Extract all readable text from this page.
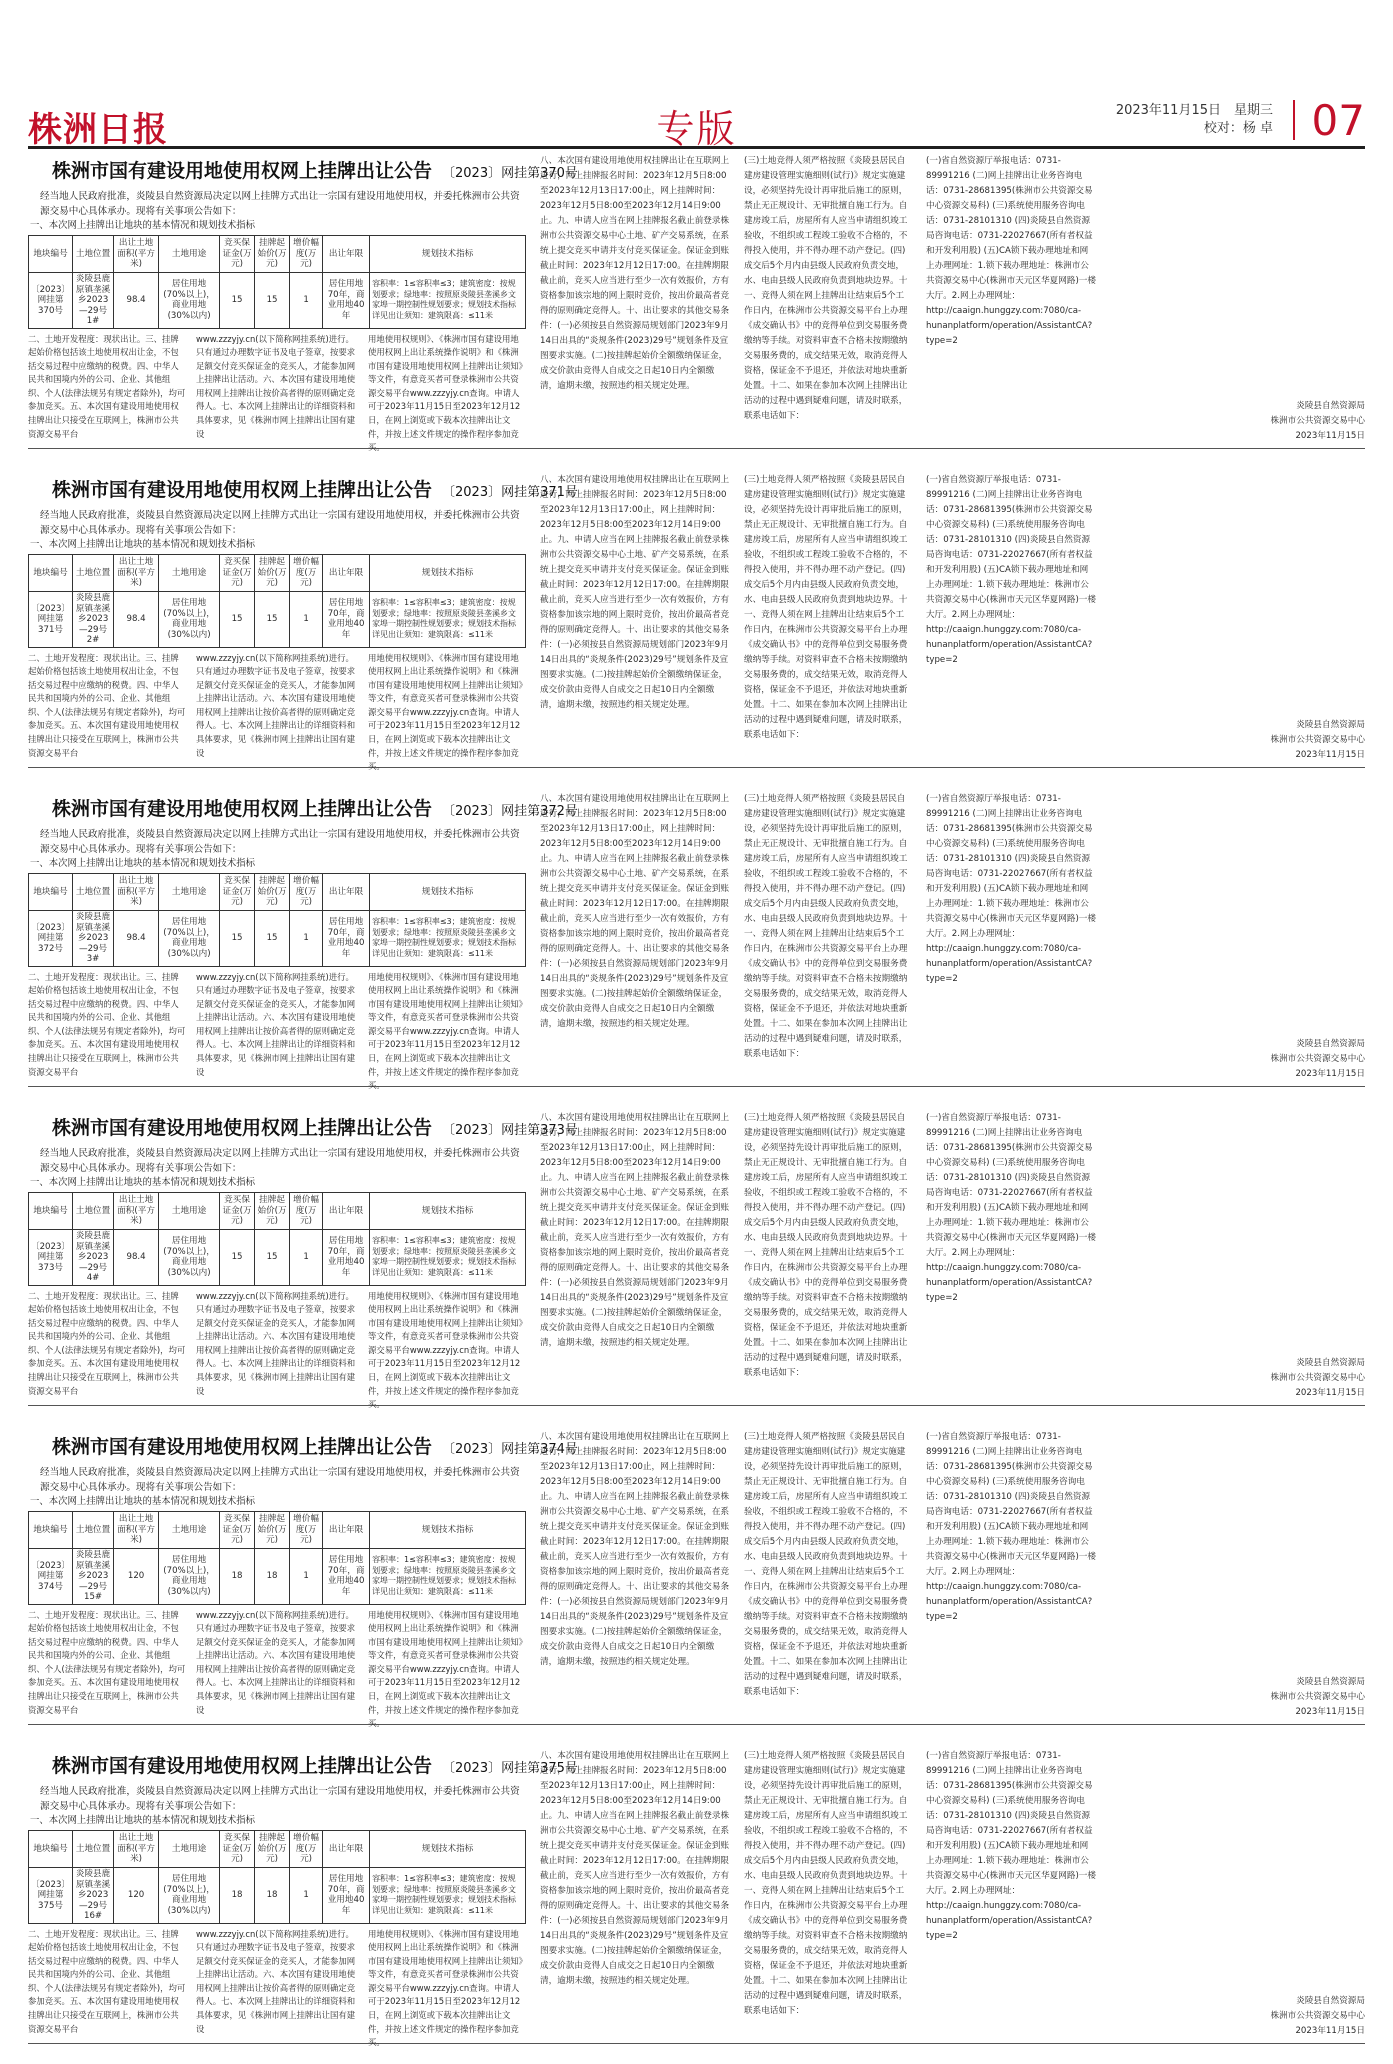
株洲日报	专版	2023年11月15日　星期三
校对：杨 卓 07
株洲市国有建设用地使用权网上挂牌出让公告 〔2023〕网挂第370号
经当地人民政府批准，炎陵县自然资源局决定以网上挂牌方式出让一宗国有建设用地使用权，并委托株洲市公共资源交易中心具体承办。现将有关事项公告如下：
一、本次网上挂牌出让地块的基本情况和规划技术指标
地块编号	土地位置	出让土地面积(平方米)	土地用途	竞买保证金(万元)	挂牌起始价(万元)	增价幅度(万元)	出让年限	规划技术指标
〔2023〕网挂第370号	炎陵县鹿原镇垄溪乡2023—29号1#	98.4	居住用地(70%以上)，商业用地(30%以内)	15	15	1	居住用地70年，商业用地40年	容积率：1≤容积率≤3；建筑密度：按规划要求；绿地率：按照原炎陵县垄溪乡文家埠一期控制性规划要求；规划技术指标详见出让须知：建筑限高：≤11米
二、土地开发程度：现状出让。三、挂牌起始价格包括该土地使用权出让金，不包括交易过程中应缴纳的税费。四、中华人民共和国境内外的公司、企业、其他组织、个人(法律法规另有规定者除外)，均可参加竞买。五、本次国有建设用地使用权挂牌出让只接受在互联网上，株洲市公共资源交易平台
www.zzzyjy.cn(以下简称网挂系统)进行。只有通过办理数字证书及电子签章，按要求足额交付竞买保证金的竞买人，才能参加网上挂牌出让活动。六、本次国有建设用地使用权网上挂牌出让按价高者得的原则确定竞得人。七、本次网上挂牌出让的详细资料和具体要求，见《株洲市网上挂牌出让国有建设
用地使用权规则》、《株洲市国有建设用地使用权网上出让系统操作说明》和《株洲市国有建设用地使用权网上挂牌出让须知》等文件，有意竞买者可登录株洲市公共资源交易平台www.zzzyjy.cn查询。申请人可于2023年11月15日至2023年12月12日，在网上浏览或下载本次挂牌出让文件，并按上述文件规定的操作程序参加竞买。
八、本次国有建设用地使用权挂牌出让在互联网上进行，网上挂牌报名时间：2023年12月5日8:00至2023年12月13日17:00止，网上挂牌时间：2023年12月5日8:00至2023年12月14日9:00止。九、申请人应当在网上挂牌报名截止前登录株洲市公共资源交易中心土地、矿产交易系统，在系统上提交竞买申请并支付竞买保证金。保证金到账截止时间：2023年12月12日17:00。在挂牌期限截止前，竞买人应当进行至少一次有效报价，方有资格参加该宗地的网上限时竞价，按出价最高者竞得的原则确定竞得人。十、出让要求的其他交易条件：(一)必须按县自然资源局规划部门2023年9月14日出具的“炎规条件(2023)29号”规划条件及宣图要求实施。(二)按挂牌起始价全额缴纳保证金，成交价款由竞得人自成交之日起10日内全额缴清，逾期未缴，按照违约相关规定处理。
(三)土地竞得人须严格按照《炎陵县居民自建房建设管理实施细则(试行)》规定实施建设，必须坚持先设计再审批后施工的原则，禁止无正规设计、无审批擅自施工行为。自建房竣工后，房屋所有人应当申请组织竣工验收，不组织或工程竣工验收不合格的，不得投入使用，并不得办理不动产登记。(四)成交后5个月内由县级人民政府负责交地，水、电由县级人民政府负责到地块边界。十一、竞得人须在网上挂牌出让结束后5个工作日内，在株洲市公共资源交易平台上办理《成交确认书》中的竞得单位到交易服务费缴纳等手续。对资料审查不合格未按期缴纳交易服务费的，成交结果无效，取消竞得人资格，保证金不予退还，并依法对地块重新处置。十二、如果在参加本次网上挂牌出让活动的过程中遇到疑难问题，请及时联系，联系电话如下：
(一)省自然资源厅举报电话：0731-89991216 (二)网上挂牌出让业务咨询电话：0731-28681395(株洲市公共资源交易中心资源交易科) (三)系统使用服务咨询电话：0731-28101310 (四)炎陵县自然资源局咨询电话：0731-22027667(所有者权益和开发利用股) (五)CA锁下载办理地址和网上办理网址：1.锁下载办理地址：株洲市公共资源交易中心(株洲市天元区华夏网路)一楼大厅。2.网上办理网址：http://caaign.hunggzy.com:7080/ca-hunanplatform/operation/AssistantCA?type=2
炎陵县自然资源局
株洲市公共资源交易中心
2023年11月15日
株洲市国有建设用地使用权网上挂牌出让公告 〔2023〕网挂第371号
经当地人民政府批准，炎陵县自然资源局决定以网上挂牌方式出让一宗国有建设用地使用权，并委托株洲市公共资源交易中心具体承办。现将有关事项公告如下：
一、本次网上挂牌出让地块的基本情况和规划技术指标
地块编号	土地位置	出让土地面积(平方米)	土地用途	竞买保证金(万元)	挂牌起始价(万元)	增价幅度(万元)	出让年限	规划技术指标
〔2023〕网挂第371号	炎陵县鹿原镇垄溪乡2023—29号2#	98.4	居住用地(70%以上)，商业用地(30%以内)	15	15	1	居住用地70年，商业用地40年	容积率：1≤容积率≤3；建筑密度：按规划要求；绿地率：按照原炎陵县垄溪乡文家埠一期控制性规划要求；规划技术指标详见出让须知：建筑限高：≤11米
二、土地开发程度：现状出让。三、挂牌起始价格包括该土地使用权出让金，不包括交易过程中应缴纳的税费。四、中华人民共和国境内外的公司、企业、其他组织、个人(法律法规另有规定者除外)，均可参加竞买。五、本次国有建设用地使用权挂牌出让只接受在互联网上，株洲市公共资源交易平台
www.zzzyjy.cn(以下简称网挂系统)进行。只有通过办理数字证书及电子签章，按要求足额交付竞买保证金的竞买人，才能参加网上挂牌出让活动。六、本次国有建设用地使用权网上挂牌出让按价高者得的原则确定竞得人。七、本次网上挂牌出让的详细资料和具体要求，见《株洲市网上挂牌出让国有建设
用地使用权规则》、《株洲市国有建设用地使用权网上出让系统操作说明》和《株洲市国有建设用地使用权网上挂牌出让须知》等文件，有意竞买者可登录株洲市公共资源交易平台www.zzzyjy.cn查询。申请人可于2023年11月15日至2023年12月12日，在网上浏览或下载本次挂牌出让文件，并按上述文件规定的操作程序参加竞买。
八、本次国有建设用地使用权挂牌出让在互联网上进行，网上挂牌报名时间：2023年12月5日8:00至2023年12月13日17:00止，网上挂牌时间：2023年12月5日8:00至2023年12月14日9:00止。九、申请人应当在网上挂牌报名截止前登录株洲市公共资源交易中心土地、矿产交易系统，在系统上提交竞买申请并支付竞买保证金。保证金到账截止时间：2023年12月12日17:00。在挂牌期限截止前，竞买人应当进行至少一次有效报价，方有资格参加该宗地的网上限时竞价，按出价最高者竞得的原则确定竞得人。十、出让要求的其他交易条件：(一)必须按县自然资源局规划部门2023年9月14日出具的“炎规条件(2023)29号”规划条件及宣图要求实施。(二)按挂牌起始价全额缴纳保证金，成交价款由竞得人自成交之日起10日内全额缴清，逾期未缴，按照违约相关规定处理。
(三)土地竞得人须严格按照《炎陵县居民自建房建设管理实施细则(试行)》规定实施建设，必须坚持先设计再审批后施工的原则，禁止无正规设计、无审批擅自施工行为。自建房竣工后，房屋所有人应当申请组织竣工验收，不组织或工程竣工验收不合格的，不得投入使用，并不得办理不动产登记。(四)成交后5个月内由县级人民政府负责交地，水、电由县级人民政府负责到地块边界。十一、竞得人须在网上挂牌出让结束后5个工作日内，在株洲市公共资源交易平台上办理《成交确认书》中的竞得单位到交易服务费缴纳等手续。对资料审查不合格未按期缴纳交易服务费的，成交结果无效，取消竞得人资格，保证金不予退还，并依法对地块重新处置。十二、如果在参加本次网上挂牌出让活动的过程中遇到疑难问题，请及时联系，联系电话如下：
(一)省自然资源厅举报电话：0731-89991216 (二)网上挂牌出让业务咨询电话：0731-28681395(株洲市公共资源交易中心资源交易科) (三)系统使用服务咨询电话：0731-28101310 (四)炎陵县自然资源局咨询电话：0731-22027667(所有者权益和开发利用股) (五)CA锁下载办理地址和网上办理网址：1.锁下载办理地址：株洲市公共资源交易中心(株洲市天元区华夏网路)一楼大厅。2.网上办理网址：http://caaign.hunggzy.com:7080/ca-hunanplatform/operation/AssistantCA?type=2
炎陵县自然资源局
株洲市公共资源交易中心
2023年11月15日
株洲市国有建设用地使用权网上挂牌出让公告 〔2023〕网挂第372号
经当地人民政府批准，炎陵县自然资源局决定以网上挂牌方式出让一宗国有建设用地使用权，并委托株洲市公共资源交易中心具体承办。现将有关事项公告如下：
一、本次网上挂牌出让地块的基本情况和规划技术指标
地块编号	土地位置	出让土地面积(平方米)	土地用途	竞买保证金(万元)	挂牌起始价(万元)	增价幅度(万元)	出让年限	规划技术指标
〔2023〕网挂第372号	炎陵县鹿原镇垄溪乡2023—29号3#	98.4	居住用地(70%以上)，商业用地(30%以内)	15	15	1	居住用地70年，商业用地40年	容积率：1≤容积率≤3；建筑密度：按规划要求；绿地率：按照原炎陵县垄溪乡文家埠一期控制性规划要求；规划技术指标详见出让须知：建筑限高：≤11米
二、土地开发程度：现状出让。三、挂牌起始价格包括该土地使用权出让金，不包括交易过程中应缴纳的税费。四、中华人民共和国境内外的公司、企业、其他组织、个人(法律法规另有规定者除外)，均可参加竞买。五、本次国有建设用地使用权挂牌出让只接受在互联网上，株洲市公共资源交易平台
www.zzzyjy.cn(以下简称网挂系统)进行。只有通过办理数字证书及电子签章，按要求足额交付竞买保证金的竞买人，才能参加网上挂牌出让活动。六、本次国有建设用地使用权网上挂牌出让按价高者得的原则确定竞得人。七、本次网上挂牌出让的详细资料和具体要求，见《株洲市网上挂牌出让国有建设
用地使用权规则》、《株洲市国有建设用地使用权网上出让系统操作说明》和《株洲市国有建设用地使用权网上挂牌出让须知》等文件，有意竞买者可登录株洲市公共资源交易平台www.zzzyjy.cn查询。申请人可于2023年11月15日至2023年12月12日，在网上浏览或下载本次挂牌出让文件，并按上述文件规定的操作程序参加竞买。
八、本次国有建设用地使用权挂牌出让在互联网上进行，网上挂牌报名时间：2023年12月5日8:00至2023年12月13日17:00止，网上挂牌时间：2023年12月5日8:00至2023年12月14日9:00止。九、申请人应当在网上挂牌报名截止前登录株洲市公共资源交易中心土地、矿产交易系统，在系统上提交竞买申请并支付竞买保证金。保证金到账截止时间：2023年12月12日17:00。在挂牌期限截止前，竞买人应当进行至少一次有效报价，方有资格参加该宗地的网上限时竞价，按出价最高者竞得的原则确定竞得人。十、出让要求的其他交易条件：(一)必须按县自然资源局规划部门2023年9月14日出具的“炎规条件(2023)29号”规划条件及宣图要求实施。(二)按挂牌起始价全额缴纳保证金，成交价款由竞得人自成交之日起10日内全额缴清，逾期未缴，按照违约相关规定处理。
(三)土地竞得人须严格按照《炎陵县居民自建房建设管理实施细则(试行)》规定实施建设，必须坚持先设计再审批后施工的原则，禁止无正规设计、无审批擅自施工行为。自建房竣工后，房屋所有人应当申请组织竣工验收，不组织或工程竣工验收不合格的，不得投入使用，并不得办理不动产登记。(四)成交后5个月内由县级人民政府负责交地，水、电由县级人民政府负责到地块边界。十一、竞得人须在网上挂牌出让结束后5个工作日内，在株洲市公共资源交易平台上办理《成交确认书》中的竞得单位到交易服务费缴纳等手续。对资料审查不合格未按期缴纳交易服务费的，成交结果无效，取消竞得人资格，保证金不予退还，并依法对地块重新处置。十二、如果在参加本次网上挂牌出让活动的过程中遇到疑难问题，请及时联系，联系电话如下：
(一)省自然资源厅举报电话：0731-89991216 (二)网上挂牌出让业务咨询电话：0731-28681395(株洲市公共资源交易中心资源交易科) (三)系统使用服务咨询电话：0731-28101310 (四)炎陵县自然资源局咨询电话：0731-22027667(所有者权益和开发利用股) (五)CA锁下载办理地址和网上办理网址：1.锁下载办理地址：株洲市公共资源交易中心(株洲市天元区华夏网路)一楼大厅。2.网上办理网址：http://caaign.hunggzy.com:7080/ca-hunanplatform/operation/AssistantCA?type=2
炎陵县自然资源局
株洲市公共资源交易中心
2023年11月15日
株洲市国有建设用地使用权网上挂牌出让公告 〔2023〕网挂第373号
经当地人民政府批准，炎陵县自然资源局决定以网上挂牌方式出让一宗国有建设用地使用权，并委托株洲市公共资源交易中心具体承办。现将有关事项公告如下：
一、本次网上挂牌出让地块的基本情况和规划技术指标
地块编号	土地位置	出让土地面积(平方米)	土地用途	竞买保证金(万元)	挂牌起始价(万元)	增价幅度(万元)	出让年限	规划技术指标
〔2023〕网挂第373号	炎陵县鹿原镇垄溪乡2023—29号4#	98.4	居住用地(70%以上)，商业用地(30%以内)	15	15	1	居住用地70年，商业用地40年	容积率：1≤容积率≤3；建筑密度：按规划要求；绿地率：按照原炎陵县垄溪乡文家埠一期控制性规划要求；规划技术指标详见出让须知：建筑限高：≤11米
二、土地开发程度：现状出让。三、挂牌起始价格包括该土地使用权出让金，不包括交易过程中应缴纳的税费。四、中华人民共和国境内外的公司、企业、其他组织、个人(法律法规另有规定者除外)，均可参加竞买。五、本次国有建设用地使用权挂牌出让只接受在互联网上，株洲市公共资源交易平台
www.zzzyjy.cn(以下简称网挂系统)进行。只有通过办理数字证书及电子签章，按要求足额交付竞买保证金的竞买人，才能参加网上挂牌出让活动。六、本次国有建设用地使用权网上挂牌出让按价高者得的原则确定竞得人。七、本次网上挂牌出让的详细资料和具体要求，见《株洲市网上挂牌出让国有建设
用地使用权规则》、《株洲市国有建设用地使用权网上出让系统操作说明》和《株洲市国有建设用地使用权网上挂牌出让须知》等文件，有意竞买者可登录株洲市公共资源交易平台www.zzzyjy.cn查询。申请人可于2023年11月15日至2023年12月12日，在网上浏览或下载本次挂牌出让文件，并按上述文件规定的操作程序参加竞买。
八、本次国有建设用地使用权挂牌出让在互联网上进行，网上挂牌报名时间：2023年12月5日8:00至2023年12月13日17:00止，网上挂牌时间：2023年12月5日8:00至2023年12月14日9:00止。九、申请人应当在网上挂牌报名截止前登录株洲市公共资源交易中心土地、矿产交易系统，在系统上提交竞买申请并支付竞买保证金。保证金到账截止时间：2023年12月12日17:00。在挂牌期限截止前，竞买人应当进行至少一次有效报价，方有资格参加该宗地的网上限时竞价，按出价最高者竞得的原则确定竞得人。十、出让要求的其他交易条件：(一)必须按县自然资源局规划部门2023年9月14日出具的“炎规条件(2023)29号”规划条件及宣图要求实施。(二)按挂牌起始价全额缴纳保证金，成交价款由竞得人自成交之日起10日内全额缴清，逾期未缴，按照违约相关规定处理。
(三)土地竞得人须严格按照《炎陵县居民自建房建设管理实施细则(试行)》规定实施建设，必须坚持先设计再审批后施工的原则，禁止无正规设计、无审批擅自施工行为。自建房竣工后，房屋所有人应当申请组织竣工验收，不组织或工程竣工验收不合格的，不得投入使用，并不得办理不动产登记。(四)成交后5个月内由县级人民政府负责交地，水、电由县级人民政府负责到地块边界。十一、竞得人须在网上挂牌出让结束后5个工作日内，在株洲市公共资源交易平台上办理《成交确认书》中的竞得单位到交易服务费缴纳等手续。对资料审查不合格未按期缴纳交易服务费的，成交结果无效，取消竞得人资格，保证金不予退还，并依法对地块重新处置。十二、如果在参加本次网上挂牌出让活动的过程中遇到疑难问题，请及时联系，联系电话如下：
(一)省自然资源厅举报电话：0731-89991216 (二)网上挂牌出让业务咨询电话：0731-28681395(株洲市公共资源交易中心资源交易科) (三)系统使用服务咨询电话：0731-28101310 (四)炎陵县自然资源局咨询电话：0731-22027667(所有者权益和开发利用股) (五)CA锁下载办理地址和网上办理网址：1.锁下载办理地址：株洲市公共资源交易中心(株洲市天元区华夏网路)一楼大厅。2.网上办理网址：http://caaign.hunggzy.com:7080/ca-hunanplatform/operation/AssistantCA?type=2
炎陵县自然资源局
株洲市公共资源交易中心
2023年11月15日
株洲市国有建设用地使用权网上挂牌出让公告 〔2023〕网挂第374号
经当地人民政府批准，炎陵县自然资源局决定以网上挂牌方式出让一宗国有建设用地使用权，并委托株洲市公共资源交易中心具体承办。现将有关事项公告如下：
一、本次网上挂牌出让地块的基本情况和规划技术指标
地块编号	土地位置	出让土地面积(平方米)	土地用途	竞买保证金(万元)	挂牌起始价(万元)	增价幅度(万元)	出让年限	规划技术指标
〔2023〕网挂第374号	炎陵县鹿原镇垄溪乡2023—29号15#	120	居住用地(70%以上)，商业用地(30%以内)	18	18	1	居住用地70年，商业用地40年	容积率：1≤容积率≤3；建筑密度：按规划要求；绿地率：按照原炎陵县垄溪乡文家埠一期控制性规划要求；规划技术指标详见出让须知：建筑限高：≤11米
二、土地开发程度：现状出让。三、挂牌起始价格包括该土地使用权出让金，不包括交易过程中应缴纳的税费。四、中华人民共和国境内外的公司、企业、其他组织、个人(法律法规另有规定者除外)，均可参加竞买。五、本次国有建设用地使用权挂牌出让只接受在互联网上，株洲市公共资源交易平台
www.zzzyjy.cn(以下简称网挂系统)进行。只有通过办理数字证书及电子签章，按要求足额交付竞买保证金的竞买人，才能参加网上挂牌出让活动。六、本次国有建设用地使用权网上挂牌出让按价高者得的原则确定竞得人。七、本次网上挂牌出让的详细资料和具体要求，见《株洲市网上挂牌出让国有建设
用地使用权规则》、《株洲市国有建设用地使用权网上出让系统操作说明》和《株洲市国有建设用地使用权网上挂牌出让须知》等文件，有意竞买者可登录株洲市公共资源交易平台www.zzzyjy.cn查询。申请人可于2023年11月15日至2023年12月12日，在网上浏览或下载本次挂牌出让文件，并按上述文件规定的操作程序参加竞买。
八、本次国有建设用地使用权挂牌出让在互联网上进行，网上挂牌报名时间：2023年12月5日8:00至2023年12月13日17:00止，网上挂牌时间：2023年12月5日8:00至2023年12月14日9:00止。九、申请人应当在网上挂牌报名截止前登录株洲市公共资源交易中心土地、矿产交易系统，在系统上提交竞买申请并支付竞买保证金。保证金到账截止时间：2023年12月12日17:00。在挂牌期限截止前，竞买人应当进行至少一次有效报价，方有资格参加该宗地的网上限时竞价，按出价最高者竞得的原则确定竞得人。十、出让要求的其他交易条件：(一)必须按县自然资源局规划部门2023年9月14日出具的“炎规条件(2023)29号”规划条件及宣图要求实施。(二)按挂牌起始价全额缴纳保证金，成交价款由竞得人自成交之日起10日内全额缴清，逾期未缴，按照违约相关规定处理。
(三)土地竞得人须严格按照《炎陵县居民自建房建设管理实施细则(试行)》规定实施建设，必须坚持先设计再审批后施工的原则，禁止无正规设计、无审批擅自施工行为。自建房竣工后，房屋所有人应当申请组织竣工验收，不组织或工程竣工验收不合格的，不得投入使用，并不得办理不动产登记。(四)成交后5个月内由县级人民政府负责交地，水、电由县级人民政府负责到地块边界。十一、竞得人须在网上挂牌出让结束后5个工作日内，在株洲市公共资源交易平台上办理《成交确认书》中的竞得单位到交易服务费缴纳等手续。对资料审查不合格未按期缴纳交易服务费的，成交结果无效，取消竞得人资格，保证金不予退还，并依法对地块重新处置。十二、如果在参加本次网上挂牌出让活动的过程中遇到疑难问题，请及时联系，联系电话如下：
(一)省自然资源厅举报电话：0731-89991216 (二)网上挂牌出让业务咨询电话：0731-28681395(株洲市公共资源交易中心资源交易科) (三)系统使用服务咨询电话：0731-28101310 (四)炎陵县自然资源局咨询电话：0731-22027667(所有者权益和开发利用股) (五)CA锁下载办理地址和网上办理网址：1.锁下载办理地址：株洲市公共资源交易中心(株洲市天元区华夏网路)一楼大厅。2.网上办理网址：http://caaign.hunggzy.com:7080/ca-hunanplatform/operation/AssistantCA?type=2
炎陵县自然资源局
株洲市公共资源交易中心
2023年11月15日
株洲市国有建设用地使用权网上挂牌出让公告 〔2023〕网挂第375号
经当地人民政府批准，炎陵县自然资源局决定以网上挂牌方式出让一宗国有建设用地使用权，并委托株洲市公共资源交易中心具体承办。现将有关事项公告如下：
一、本次网上挂牌出让地块的基本情况和规划技术指标
地块编号	土地位置	出让土地面积(平方米)	土地用途	竞买保证金(万元)	挂牌起始价(万元)	增价幅度(万元)	出让年限	规划技术指标
〔2023〕网挂第375号	炎陵县鹿原镇垄溪乡2023—29号16#	120	居住用地(70%以上)，商业用地(30%以内)	18	18	1	居住用地70年，商业用地40年	容积率：1≤容积率≤3；建筑密度：按规划要求；绿地率：按照原炎陵县垄溪乡文家埠一期控制性规划要求；规划技术指标详见出让须知：建筑限高：≤11米
二、土地开发程度：现状出让。三、挂牌起始价格包括该土地使用权出让金，不包括交易过程中应缴纳的税费。四、中华人民共和国境内外的公司、企业、其他组织、个人(法律法规另有规定者除外)，均可参加竞买。五、本次国有建设用地使用权挂牌出让只接受在互联网上，株洲市公共资源交易平台
www.zzzyjy.cn(以下简称网挂系统)进行。只有通过办理数字证书及电子签章，按要求足额交付竞买保证金的竞买人，才能参加网上挂牌出让活动。六、本次国有建设用地使用权网上挂牌出让按价高者得的原则确定竞得人。七、本次网上挂牌出让的详细资料和具体要求，见《株洲市网上挂牌出让国有建设
用地使用权规则》、《株洲市国有建设用地使用权网上出让系统操作说明》和《株洲市国有建设用地使用权网上挂牌出让须知》等文件，有意竞买者可登录株洲市公共资源交易平台www.zzzyjy.cn查询。申请人可于2023年11月15日至2023年12月12日，在网上浏览或下载本次挂牌出让文件，并按上述文件规定的操作程序参加竞买。
八、本次国有建设用地使用权挂牌出让在互联网上进行，网上挂牌报名时间：2023年12月5日8:00至2023年12月13日17:00止，网上挂牌时间：2023年12月5日8:00至2023年12月14日9:00止。九、申请人应当在网上挂牌报名截止前登录株洲市公共资源交易中心土地、矿产交易系统，在系统上提交竞买申请并支付竞买保证金。保证金到账截止时间：2023年12月12日17:00。在挂牌期限截止前，竞买人应当进行至少一次有效报价，方有资格参加该宗地的网上限时竞价，按出价最高者竞得的原则确定竞得人。十、出让要求的其他交易条件：(一)必须按县自然资源局规划部门2023年9月14日出具的“炎规条件(2023)29号”规划条件及宣图要求实施。(二)按挂牌起始价全额缴纳保证金，成交价款由竞得人自成交之日起10日内全额缴清，逾期未缴，按照违约相关规定处理。
(三)土地竞得人须严格按照《炎陵县居民自建房建设管理实施细则(试行)》规定实施建设，必须坚持先设计再审批后施工的原则，禁止无正规设计、无审批擅自施工行为。自建房竣工后，房屋所有人应当申请组织竣工验收，不组织或工程竣工验收不合格的，不得投入使用，并不得办理不动产登记。(四)成交后5个月内由县级人民政府负责交地，水、电由县级人民政府负责到地块边界。十一、竞得人须在网上挂牌出让结束后5个工作日内，在株洲市公共资源交易平台上办理《成交确认书》中的竞得单位到交易服务费缴纳等手续。对资料审查不合格未按期缴纳交易服务费的，成交结果无效，取消竞得人资格，保证金不予退还，并依法对地块重新处置。十二、如果在参加本次网上挂牌出让活动的过程中遇到疑难问题，请及时联系，联系电话如下：
(一)省自然资源厅举报电话：0731-89991216 (二)网上挂牌出让业务咨询电话：0731-28681395(株洲市公共资源交易中心资源交易科) (三)系统使用服务咨询电话：0731-28101310 (四)炎陵县自然资源局咨询电话：0731-22027667(所有者权益和开发利用股) (五)CA锁下载办理地址和网上办理网址：1.锁下载办理地址：株洲市公共资源交易中心(株洲市天元区华夏网路)一楼大厅。2.网上办理网址：http://caaign.hunggzy.com:7080/ca-hunanplatform/operation/AssistantCA?type=2
炎陵县自然资源局
株洲市公共资源交易中心
2023年11月15日
